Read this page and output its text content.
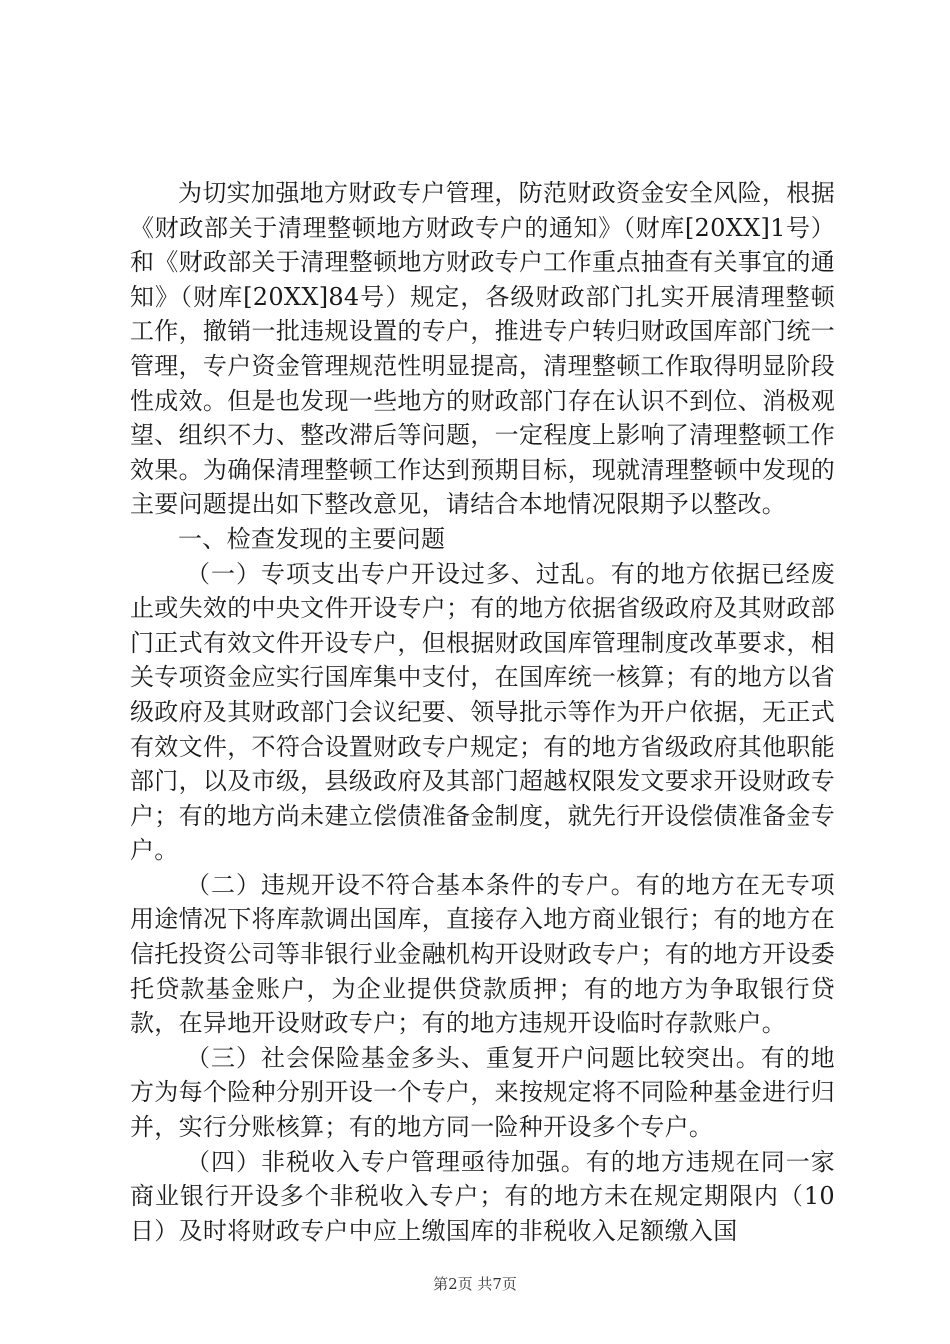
为切实加强地方财政专户管理，防范财政资金安全风险，根据《财政部关于清理整顿地方财政专户的通知》（财库[20XX]1号）和《财政部关于清理整顿地方财政专户工作重点抽查有关事宜的通知》（财库[20XX]84号）规定，各级财政部门扎实开展清理整顿工作，撤销一批违规设置的专户，推进专户转归财政国库部门统一管理，专户资金管理规范性明显提高，清理整顿工作取得明显阶段性成效。但是也发现一些地方的财政部门存在认识不到位、消极观望、组织不力、整改滞后等问题，一定程度上影响了清理整顿工作效果。为确保清理整顿工作达到预期目标，现就清理整顿中发现的主要问题提出如下整改意见，请结合本地情况限期予以整改。

一、检查发现的主要问题

（一）专项支出专户开设过多、过乱。有的地方依据已经废止或失效的中央文件开设专户；有的地方依据省级政府及其财政部门正式有效文件开设专户，但根据财政国库管理制度改革要求，相关专项资金应实行国库集中支付，在国库统一核算；有的地方以省级政府及其财政部门会议纪要、领导批示等作为开户依据，无正式有效文件，不符合设置财政专户规定；有的地方省级政府其他职能部门，以及市级，县级政府及其部门超越权限发文要求开设财政专户；有的地方尚未建立偿债准备金制度，就先行开设偿债准备金专户。

（二）违规开设不符合基本条件的专户。有的地方在无专项用途情况下将库款调出国库，直接存入地方商业银行；有的地方在信托投资公司等非银行业金融机构开设财政专户；有的地方开设委托贷款基金账户，为企业提供贷款质押；有的地方为争取银行贷款，在异地开设财政专户；有的地方违规开设临时存款账户。

（三）社会保险基金多头、重复开户问题比较突出。有的地方为每个险种分别开设一个专户，来按规定将不同险种基金进行归并，实行分账核算；有的地方同一险种开设多个专户。

（四）非税收入专户管理亟待加强。有的地方违规在同一家商业银行开设多个非税收入专户；有的地方未在规定期限内（10日）及时将财政专户中应上缴国库的非税收入足额缴入国

第2页 共7页
